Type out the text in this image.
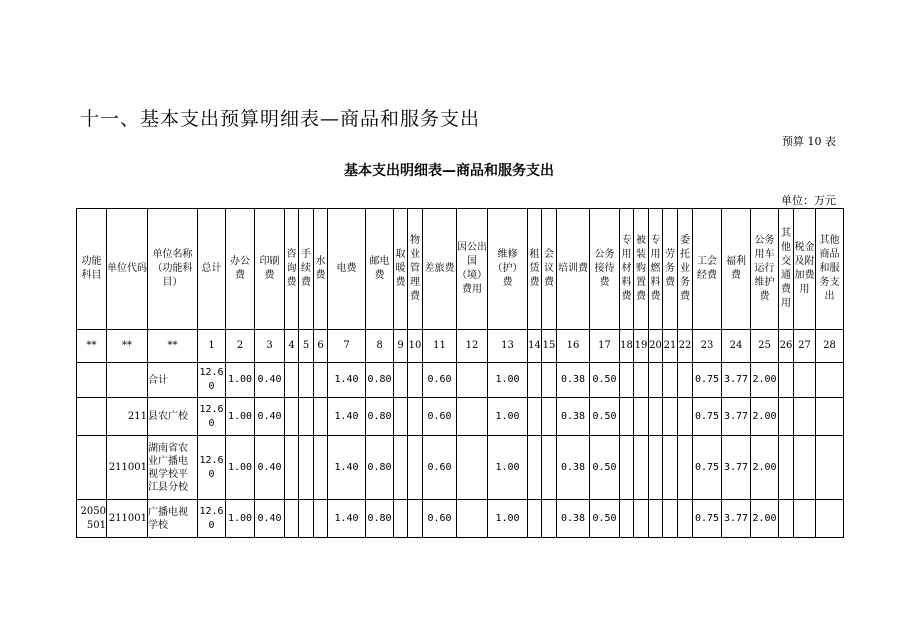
十一、基本支出预算明细表—商品和服务支出
预算 10 表
基本支出明细表—商品和服务支出
单位：万元
功能科目	单位代码	单位名称（功能科目）	总计	办公费	印刷费	咨询费	手续费	水费	电费	邮电费	取暖费	物业管理费	差旅费	因公出国（境）费用	维修（护）费	租赁费	会议费	培训费	公务接待费	专用材料费	被装购置费	专用燃料费	劳务费	委托业务费	工会经费	福利费	公务用车运行维护费	其他交通费用	税金及附加费用	其他商品和服务支出
**	**	**	1	2	3	4	5	6	7	8	9	10	11	12	13	14	15	16	17	18	19	20	21	22	23	24	25	26	27	28
		合计	12.60	1.00	0.40				1.40	0.80			0.60		1.00			0.38	0.50						0.75	3.77	2.00			
	211	县农广校	12.60	1.00	0.40				1.40	0.80			0.60		1.00			0.38	0.50						0.75	3.77	2.00			
	211001	湖南省农业广播电视学校平江县分校	12.60	1.00	0.40				1.40	0.80			0.60		1.00			0.38	0.50						0.75	3.77	2.00			
2050501	211001	广播电视学校	12.60	1.00	0.40				1.40	0.80			0.60		1.00			0.38	0.50						0.75	3.77	2.00			
